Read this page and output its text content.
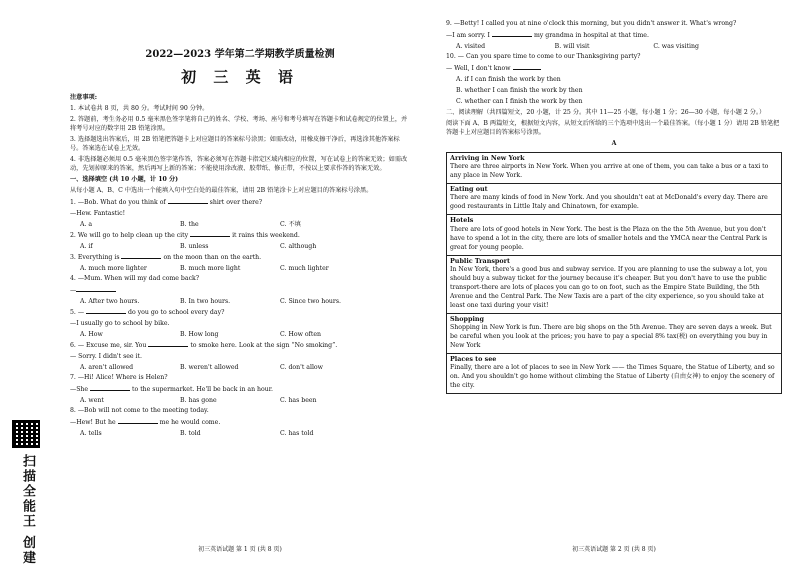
扫描全能王 创建
2022—2023 学年第二学期教学质量检测
初 三 英 语
注意事项:
1. 本试卷共 8 页，共 80 分。考试时间 90 分钟。
2. 答题前，考生务必用 0.5 毫米黑色签字笔将自己的姓名、学校、考场、座号和考号填写在答题卡和试卷规定的位置上，并将考号对应的数字用 2B 铅笔涂黑。
3. 选择题选出答案后，用 2B 铅笔把答题卡上对应题目的答案标号涂黑；如需改动，用橡皮擦干净后，再选涂其他答案标号。答案选在试卷上无效。
4. 非选择题必须用 0.5 毫米黑色签字笔作答，答案必须写在答题卡指定区域内相应的位置，写在试卷上的答案无效；如需改动，先划掉原来的答案，然后再写上新的答案；不能使用涂改液、胶带纸、修正带，不按以上要求作答的答案无效。
一、选择填空 (共 10 小题，计 10 分)
从每小题 A、B、C 中选出一个能填入句中空白处的最佳答案，请用 2B 铅笔涂卡上对应题目的答案标号涂黑。
1. —Bob. What do you think of	shirt over there?
—Hew. Fantastic!
A. a	B. the	C. 不填
2. We will go to help clean up the city	it rains this weekend.
A. if	B. unless	C. although
3. Everything is	on the moon than on the earth.
A. much more lighter	B. much more light	C. much lighter
4. —Mum. When will my dad come back?
—
A. After two hours.	B. In two hours.	C. Since two hours.
5. —	do you go to school every day?
—I usually go to school by bike.
A. How	B. How long	C. How often
6. — Excuse me, sir. You	to smoke here. Look at the sign “No smoking”.
— Sorry. I didn't see it.
A. aren't allowed	B. weren't allowed	C. don't allow
7. —Hi! Alice! Where is Helen?
—She	to the supermarket. He'll be back in an hour.
A. went	B. has gone	C. has been
8. —Bob will not come to the meeting today.
—Hew! But he	me he would come.
A. tells	B. told	C. has told
初三英语试题 第 1 页 (共 8 页)
9. —Betty! I called you at nine o'clock this morning, but you didn't answer it. What's wrong?
—I am sorry. I	my grandma in hospital at that time.
A. visited	B. will visit	C. was visiting
10. — Can you spare time to come to our Thanksgiving party?
— Well, I don't know
A. if I can finish the work by then
B. whether I can finish the work by then
C. whether can I finish the work by then
二、阅读理解（共四篇短文，20 小题，计 25 分。其中 11—25 小题，每小题 1 分；26—30 小题，每小题 2 分。）
阅读下面 A、B 两篇短文，根据短文内容，从短文后所给的三个选项中选出一个最佳答案。（每小题 1 分）请用 2B 铅笔把答题卡上对应题目的答案标号涂黑。
A
Arriving in New York
There are three airports in New York. When you arrive at one of them, you can take a bus or a taxi to any place in New York.
Eating out
There are many kinds of food in New York. And you shouldn't eat at McDonald's every day. There are good restaurants in Little Italy and Chinatown, for example.
Hotels
There are lots of good hotels in New York. The best is the Plaza on the the 5th Avenue, but you don't have to spend a lot in the city, there are lots of smaller hotels and the YMCA near the Central Park is great for young people.
Public Transport
In New York, there's a good bus and subway service. If you are planning to use the subway a lot, you should buy a subway ticket for the journey because it's cheaper. But you don't have to use the public transport-there are lots of places you can go to on foot, such as the Empire State Building, the 5th Avenue and the Central Park. The New Taxis are a part of the city experience, so you should take at least one taxi during your visit!
Shopping
Shopping in New York is fun. There are big shops on the 5th Avenue. They are seven days a week. But be careful when you look at the prices; you have to pay a special 8% tax(税) on everything you buy in New York
Places to see
Finally, there are a lot of places to see in New York —— the Times Square, the Statue of Liberty, and so on. And you shouldn't go home without climbing the Statue of Liberty (自由女神) to enjoy the scenery of the city.
初三英语试题 第 2 页 (共 8 页)
